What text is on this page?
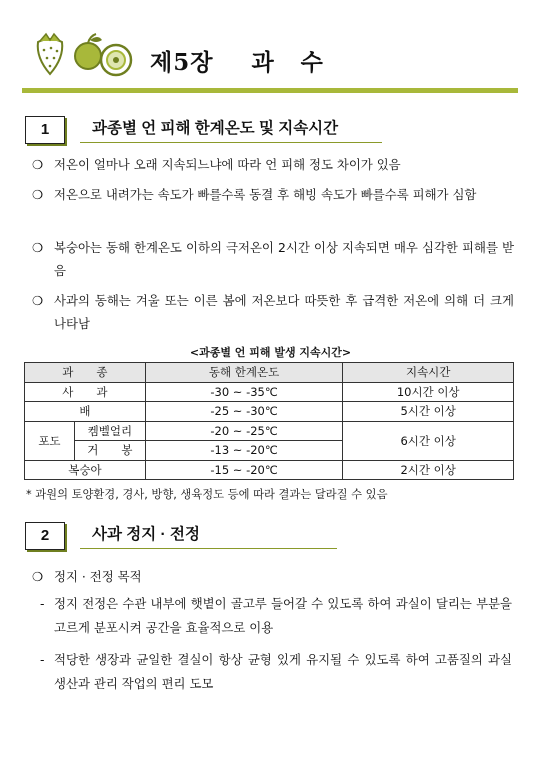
제5장 과 수
1	과종별 언 피해 한계온도 및 지속시간
❍ 저온이 얼마나 오래 지속되느냐에 따라 언 피해 정도 차이가 있음
❍ 저온으로 내려가는 속도가 빠를수록 동결 후 해빙 속도가 빠를수록 피해가 심함
❍ 복숭아는 동해 한계온도 이하의 극저온이 2시간 이상 지속되면 매우 심각한 피해를 받음
❍ 사과의 동해는 겨울 또는 이른 봄에 저온보다 따뜻한 후 급격한 저온에 의해 더 크게 나타남
<과종별 언 피해 발생 지속시간>
과　　종		동해 한계온도	지속시간
사　　과		-30 ~ -35℃	10시간 이상
배		-25 ~ -30℃	5시간 이상
포도	켐벨얼리	-20 ~ -25℃	6시간 이상
	거　　봉	-13 ~ -20℃	
복숭아		-15 ~ -20℃	2시간 이상
* 과원의 토양환경, 경사, 방향, 생육정도 등에 따라 결과는 달라질 수 있음
2	사과 정지 · 전정
❍ 정지 · 전정 목적
- 정지 전정은 수관 내부에 햇볕이 골고루 들어갈 수 있도록 하여 과실이 달리는 부분을 고르게 분포시켜 공간을 효율적으로 이용
- 적당한 생장과 균일한 결실이 항상 균형 있게 유지될 수 있도록 하여 고품질의 과실 생산과 관리 작업의 편리 도모
